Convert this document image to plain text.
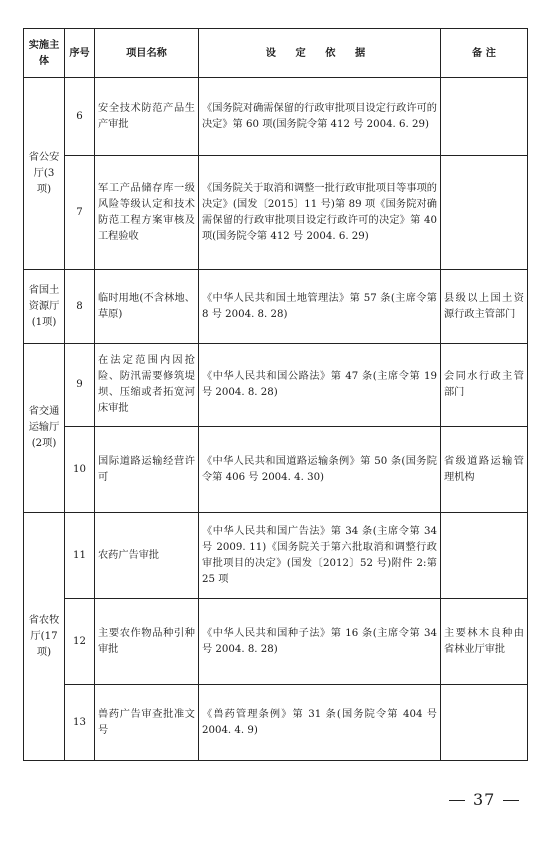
实施主体	序号	项目名称	设 定 依 据	备 注
省公安厅(3项)	6	安全技术防范产品生产审批	《国务院对确需保留的行政审批项目设定行政许可的决定》第 60 项(国务院令第 412 号 2004. 6. 29)	
	7	军工产品储存库一级风险等级认定和技术防范工程方案审核及工程验收	《国务院关于取消和调整一批行政审批项目等事项的决定》(国发〔2015〕11 号)第 89 项《国务院对确需保留的行政审批项目设定行政许可的决定》第 40 项(国务院令第 412 号 2004. 6. 29)	
省国土资源厅(1项)	8	临时用地(不含林地、草原)	《中华人民共和国土地管理法》第 57 条(主席令第 8 号 2004. 8. 28)	县级以上国土资源行政主管部门
省交通运输厅(2项)	9	在法定范围内因抢险、防汛需要修筑堤坝、压缩或者拓宽河床审批	《中华人民共和国公路法》第 47 条(主席令第 19 号 2004. 8. 28)	会同水行政主管部门
	10	国际道路运输经营许可	《中华人民共和国道路运输条例》第 50 条(国务院令第 406 号 2004. 4. 30)	省级道路运输管理机构
省农牧厅(17项)	11	农药广告审批	《中华人民共和国广告法》第 34 条(主席令第 34 号 2009. 11)《国务院关于第六批取消和调整行政审批项目的决定》(国发〔2012〕52 号)附件 2:第 25 项	
	12	主要农作物品种引种审批	《中华人民共和国种子法》第 16 条(主席令第 34 号 2004. 8. 28)	主要林木良种由省林业厅审批
	13	兽药广告审查批准文号	《兽药管理条例》第 31 条(国务院令第 404 号 2004. 4. 9)	
37
